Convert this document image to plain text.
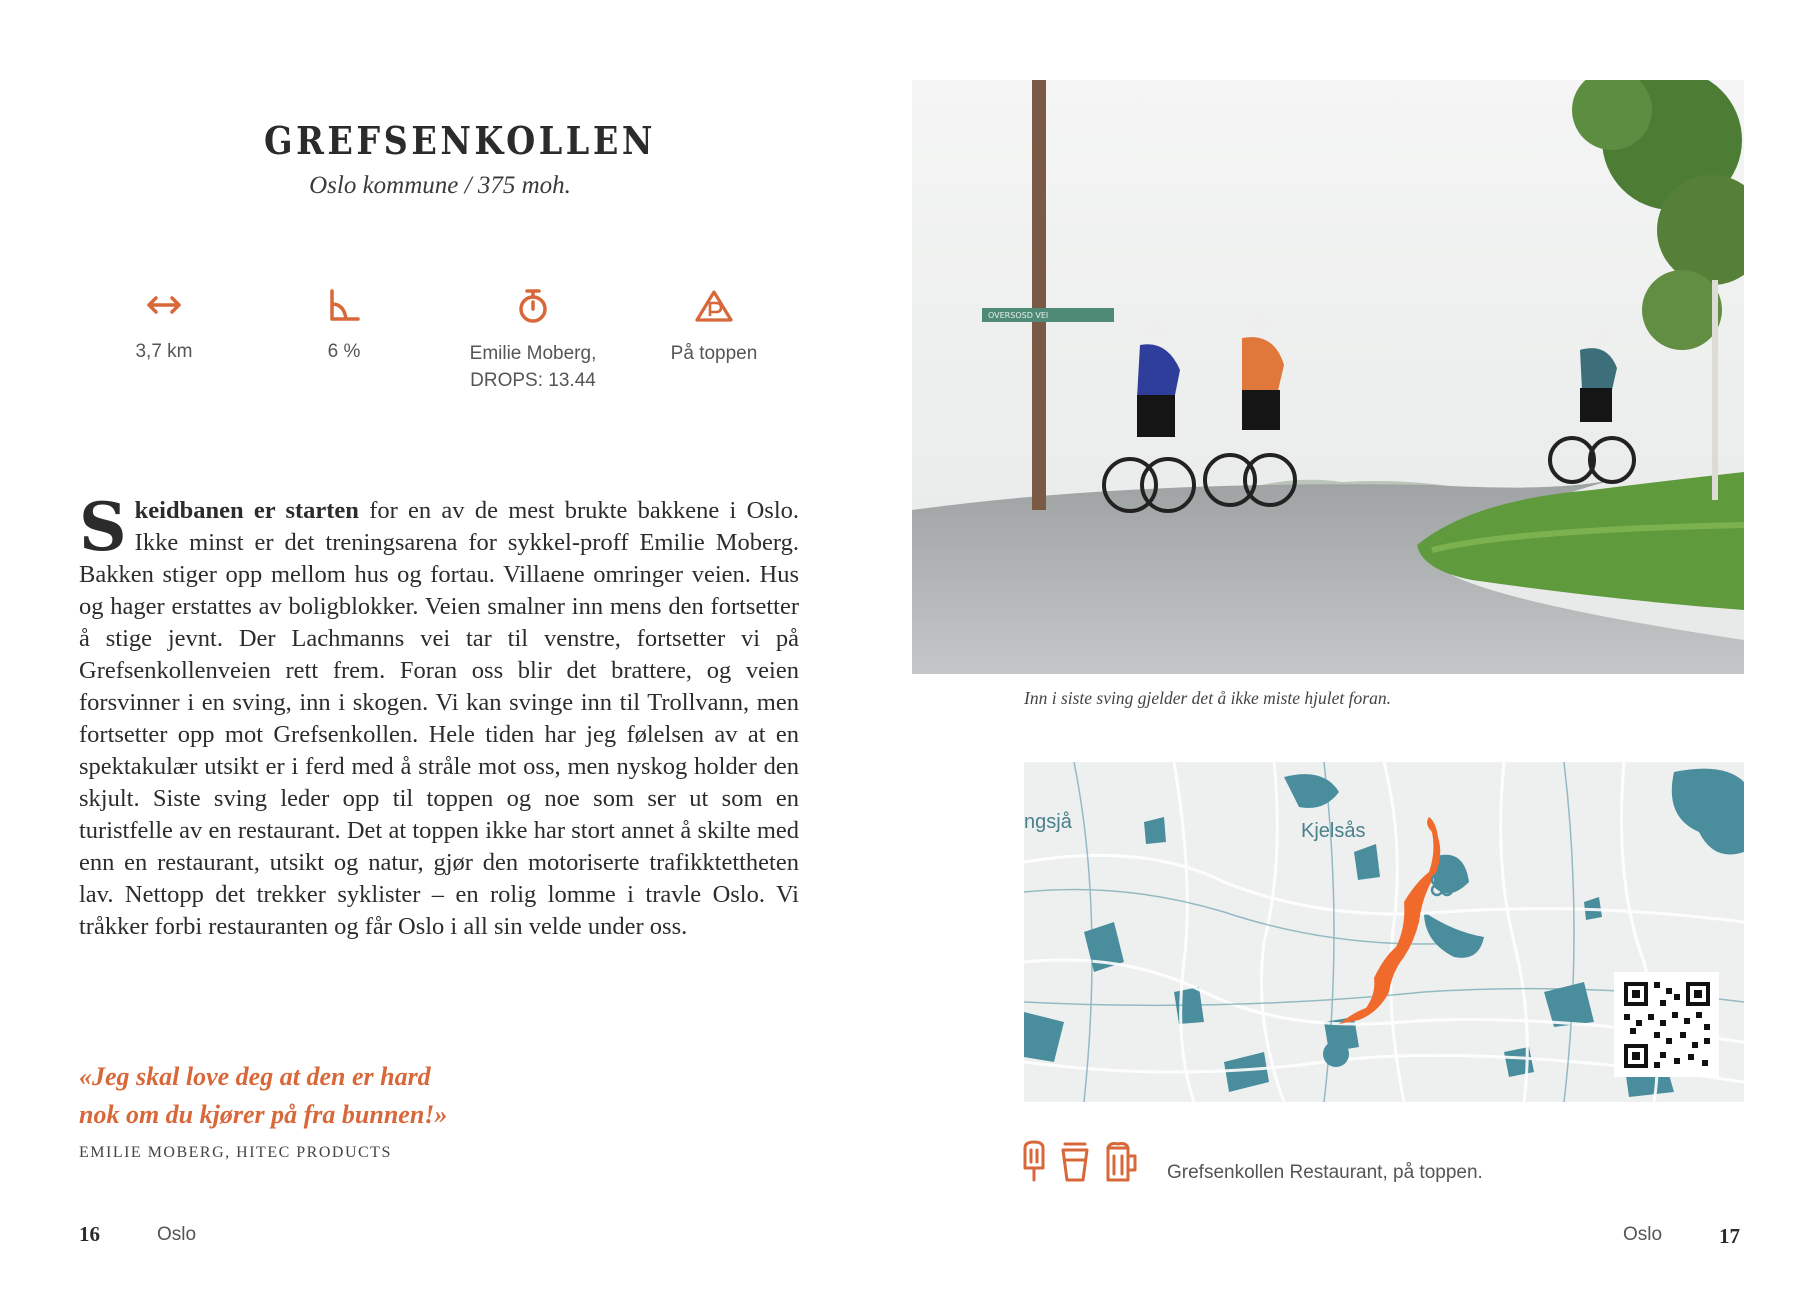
GREFSENKOLLEN
Oslo kommune / 375 moh.
3,7 km	6 %	Emilie Moberg,
DROPS: 13.44
På toppen
Skeidbanen er starten for en av de mest brukte bakkene i Oslo. Ikke minst er det treningsarena for sykkel-proff Emilie Moberg. Bakken stiger opp mellom hus og fortau. Villaene omringer veien. Hus og hager erstattes av boligblokker. Veien smalner inn mens den fortsetter å stige jevnt. Der Lachmanns vei tar til venstre, fortsetter vi på Grefsenkollenveien rett frem. Foran oss blir det brattere, og veien forsvinner i en sving, inn i skogen. Vi kan svinge inn til Trollvann, men fortsetter opp mot Grefsenkollen. Hele tiden har jeg følelsen av at en spektakulær utsikt er i ferd med å stråle mot oss, men nyskog holder den skjult. Siste sving leder opp til toppen og noe som ser ut som en turistfelle av en restaurant. Det at toppen ikke har stort annet å skilte med enn en restaurant, utsikt og natur, gjør den motoriserte trafikktettheten lav. Nettopp det trekker syklister – en rolig lomme i travle Oslo. Vi tråkker forbi restauranten og får Oslo i all sin velde under oss.
«Jeg skal love deg at den er hard
nok om du kjører på fra bunnen!»
EMILIE MOBERG, HITEC PRODUCTS
16	Oslo
OVERSOSD VEI
Inn i siste sving gjelder det å ikke miste hjulet foran.
ngsjå	Kjelsås
Grefsenkollen Restaurant, på toppen.
Oslo	17
